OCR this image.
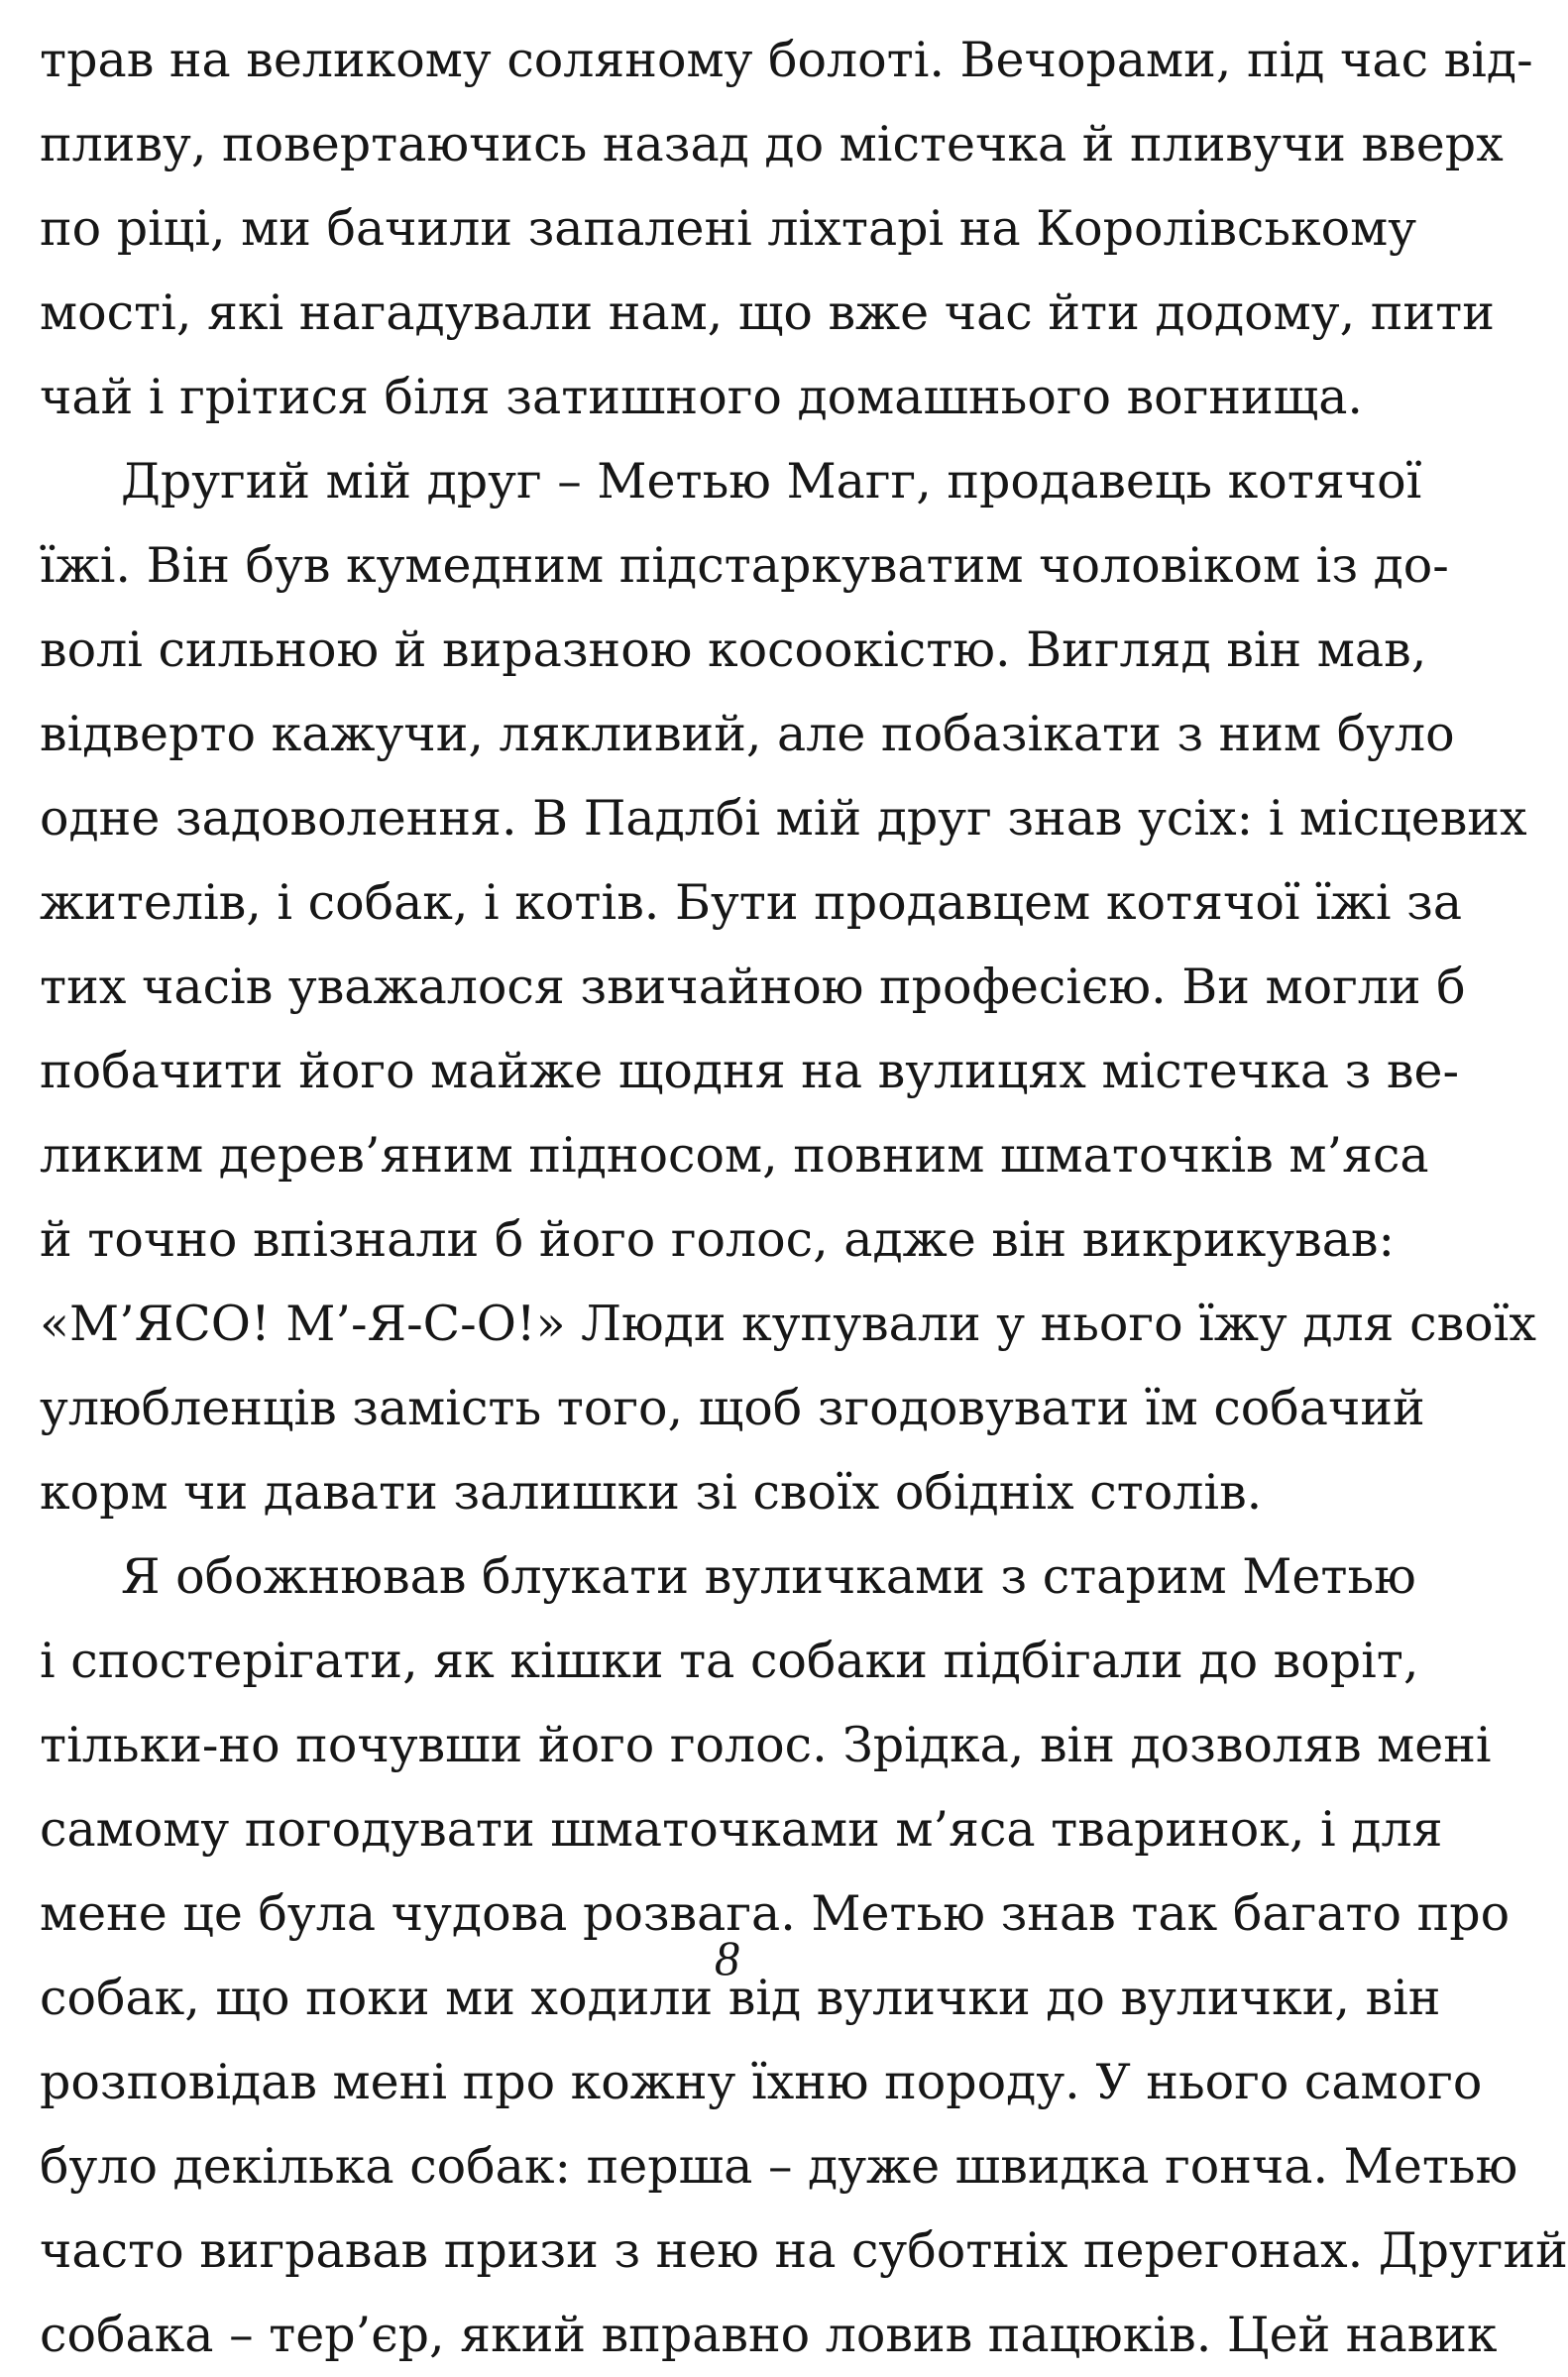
трав на великому соляному болоті. Вечорами, під час від-
пливу, повертаючись назад до містечка й пливучи вверх
по ріці, ми бачили запалені ліхтарі на Королівському
мості, які нагадували нам, що вже час йти додому, пити
чай і грітися біля затишного домашнього вогнища.
Другий мій друг – Метью Магг, продавець котячої
їжі. Він був кумедним підстаркуватим чоловіком із до-
волі сильною й виразною косоокістю. Вигляд він мав,
відверто кажучи, лякливий, але побазікати з ним було
одне задоволення. В Падлбі мій друг знав усіх: і місцевих
жителів, і собак, і котів. Бути продавцем котячої їжі за
тих часів уважалося звичайною професією. Ви могли б
побачити його майже щодня на вулицях містечка з ве-
ликим дерев’яним підносом, повним шматочків м’яса
й точно впізнали б його голос, адже він викрикував:
«М’ЯСО! М’-Я-С-О!» Люди купували у нього їжу для своїх
улюбленців замість того, щоб згодовувати їм собачий
корм чи давати залишки зі своїх обідніх столів.
Я обожнював блукати вуличками з старим Метью
і спостерігати, як кішки та собаки підбігали до воріт,
тільки-но почувши його голос. Зрідка, він дозволяв мені
самому погодувати шматочками м’яса тваринок, і для
мене це була чудова розвага. Метью знав так багато про
собак, що поки ми ходили від вулички до вулички, він
розповідав мені про кожну їхню породу. У нього самого
було декілька собак: перша – дуже швидка гонча. Метью
часто вигравав призи з нею на суботніх перегонах. Другий
собака – тер’єр, який вправно ловив пацюків. Цей навик
8
